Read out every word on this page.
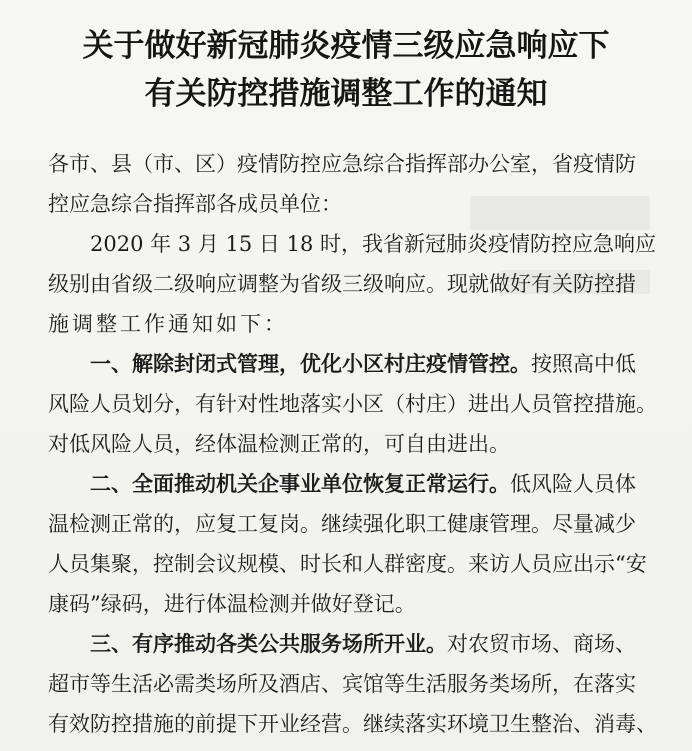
关于做好新冠肺炎疫情三级应急响应下
有关防控措施调整工作的通知

各市、县（市、区）疫情防控应急综合指挥部办公室，省疫情防

控应急综合指挥部各成员单位：

2020 年 3 月 15 日 18 时，我省新冠肺炎疫情防控应急响应

级别由省级二级响应调整为省级三级响应。现就做好有关防控措

施调整工作通知如下：

一、解除封闭式管理，优化小区村庄疫情管控。按照高中低

风险人员划分，有针对性地落实小区（村庄）进出人员管控措施。

对低风险人员，经体温检测正常的，可自由进出。

二、全面推动机关企事业单位恢复正常运行。低风险人员体

温检测正常的，应复工复岗。继续强化职工健康管理。尽量减少

人员集聚，控制会议规模、时长和人群密度。来访人员应出示“安

康码”绿码，进行体温检测并做好登记。

三、有序推动各类公共服务场所开业。对农贸市场、商场、

超市等生活必需类场所及酒店、宾馆等生活服务类场所，在落实

有效防控措施的前提下开业经营。继续落实环境卫生整治、消毒、
